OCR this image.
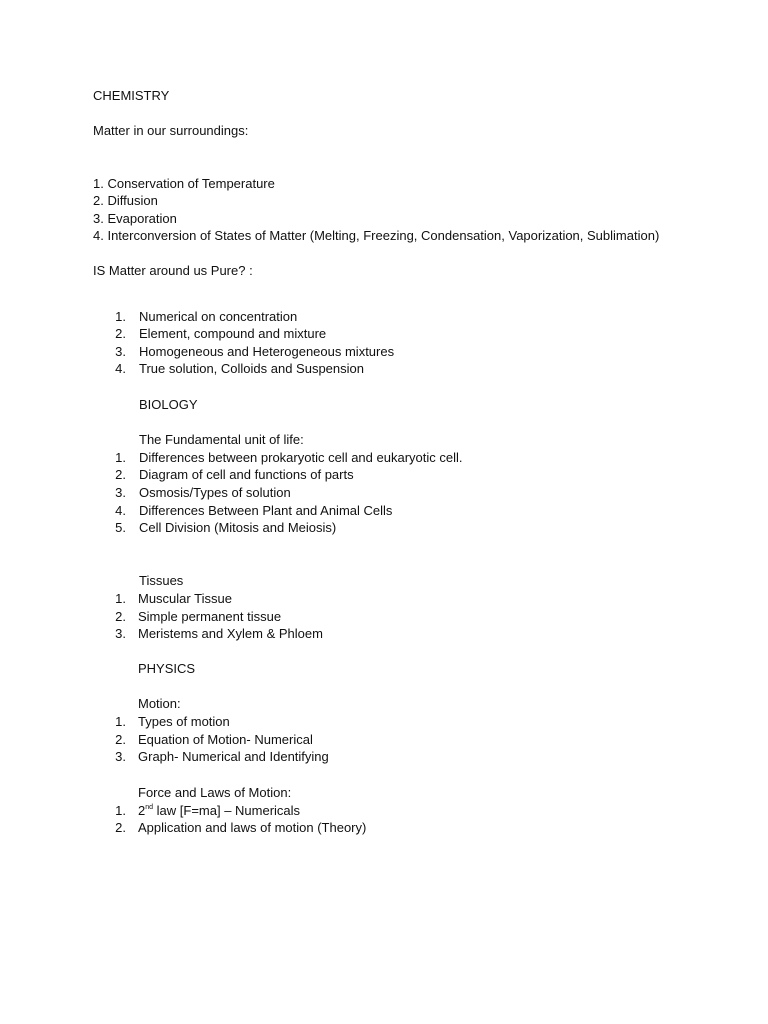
CHEMISTRY
Matter in our surroundings:
1. Conservation of Temperature
2. Diffusion
3. Evaporation
4. Interconversion of States of Matter (Melting, Freezing, Condensation, Vaporization, Sublimation)
IS Matter around us Pure? :
1. Numerical on concentration
2. Element, compound and mixture
3. Homogeneous and Heterogeneous mixtures
4. True solution, Colloids and Suspension
BIOLOGY
The Fundamental unit of life:
1. Differences between prokaryotic cell and eukaryotic cell.
2. Diagram of cell and functions of parts
3. Osmosis/Types of solution
4. Differences Between Plant and Animal Cells
5. Cell Division (Mitosis and Meiosis)
Tissues
1. Muscular Tissue
2. Simple permanent tissue
3. Meristems and Xylem & Phloem
PHYSICS
Motion:
1. Types of motion
2. Equation of Motion- Numerical
3. Graph- Numerical and Identifying
Force and Laws of Motion:
1. 2nd law [F=ma] – Numericals
2. Application and laws of motion (Theory)
